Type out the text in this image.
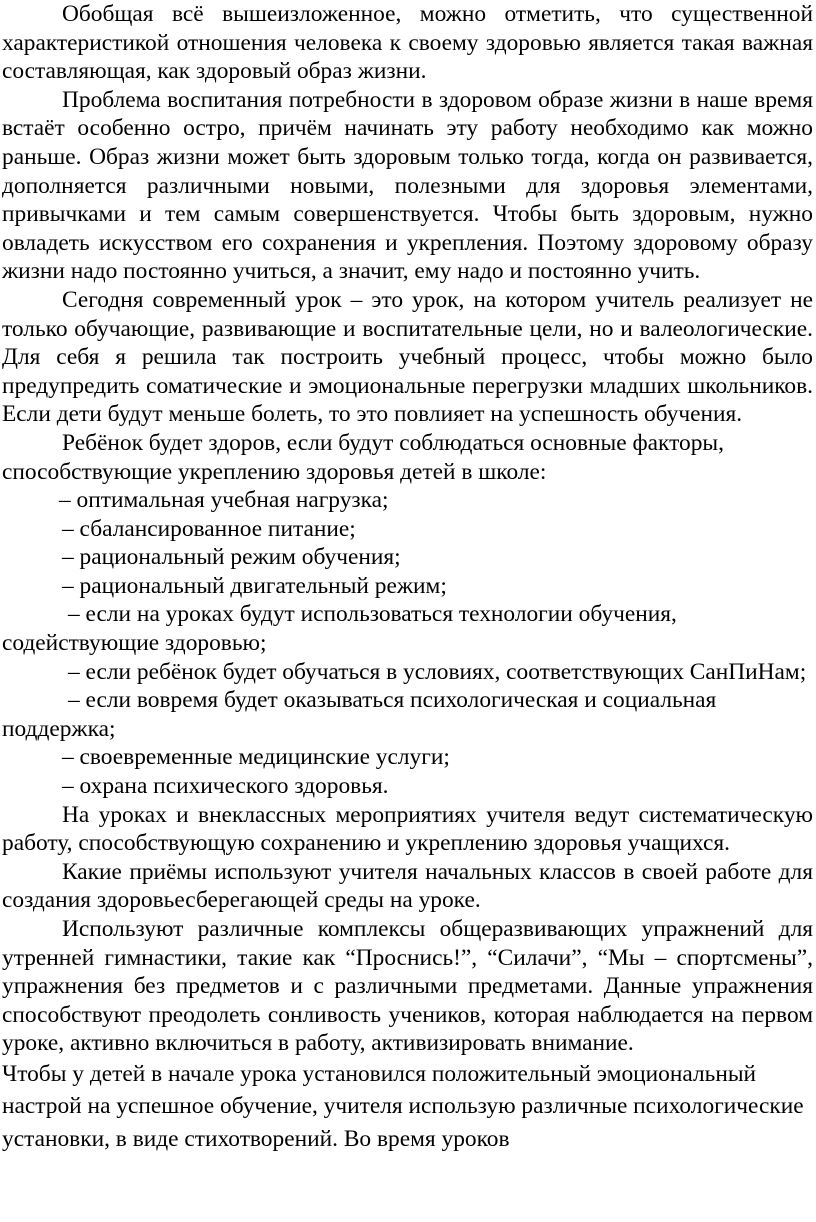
Обобщая всё вышеизложенное, можно отметить, что существенной характеристикой отношения человека к своему здоровью является такая важная составляющая, как здоровый образ жизни.

Проблема воспитания потребности в здоровом образе жизни в наше время встаёт особенно остро, причём начинать эту работу необходимо как можно раньше. Образ жизни может быть здоровым только тогда, когда он развивается, дополняется различными новыми, полезными для здоровья элементами, привычками и тем самым совершенствуется. Чтобы быть здоровым, нужно овладеть искусством его сохранения и укрепления. Поэтому здоровому образу жизни надо постоянно учиться, а значит, ему надо и постоянно учить.

Сегодня современный урок – это урок, на котором учитель реализует не только обучающие, развивающие и воспитательные цели, но и валеологические. Для себя я решила так построить учебный процесс, чтобы можно было предупредить соматические и эмоциональные перегрузки младших школьников. Если дети будут меньше болеть, то это повлияет на успешность обучения.

Ребёнок будет здоров, если будут соблюдаться основные факторы, способствующие укреплению здоровья детей в школе:

– оптимальная учебная нагрузка;

– сбалансированное питание;

– рациональный режим обучения;

– рациональный двигательный режим;

– если на уроках будут использоваться технологии обучения, содействующие здоровью;

– если ребёнок будет обучаться в условиях, соответствующих СанПиНам;

– если вовремя будет оказываться психологическая и социальная поддержка;

– своевременные медицинские услуги;

– охрана психического здоровья.

На уроках и внеклассных мероприятиях учителя ведут систематическую работу, способствующую сохранению и укреплению здоровья учащихся.

Какие приёмы используют учителя начальных классов в своей работе для создания здоровьесберегающей среды на уроке.

Используют различные комплексы общеразвивающих упражнений для утренней гимнастики, такие как “Проснись!”, “Силачи”, “Мы – спортсмены”, упражнения без предметов и с различными предметами. Данные упражнения способствуют преодолеть сонливость учеников, которая наблюдается на первом уроке, активно включиться в работу, активизировать внимание.

Чтобы у детей в начале урока установился положительный эмоциональный настрой на успешное обучение, учителя использую различные психологические установки, в виде стихотворений. Во время уроков
